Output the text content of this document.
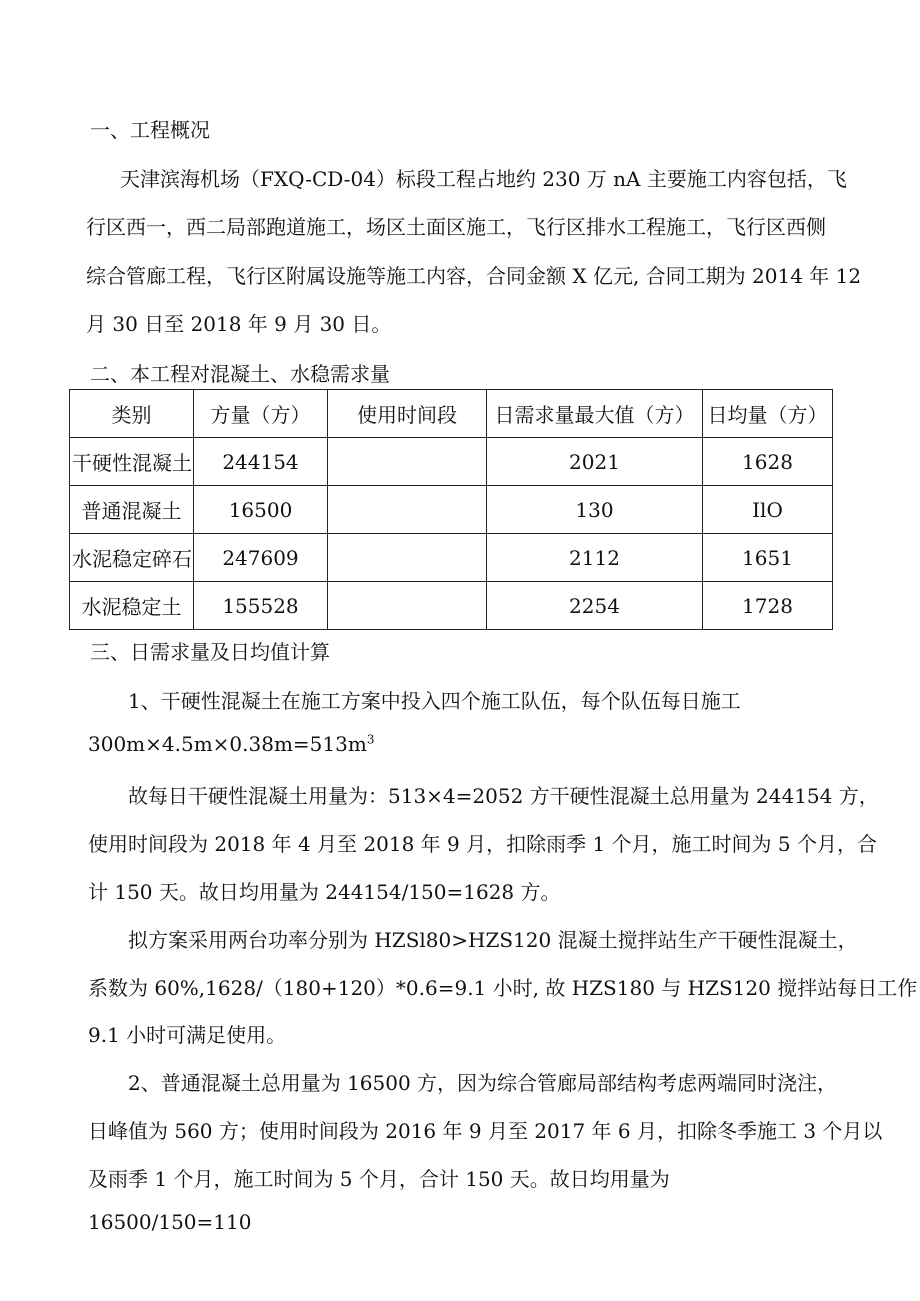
一、工程概况
天津滨海机场（FXQ-CD-04）标段工程占地约 230 万 nA 主要施工内容包括，飞
行区西一，西二局部跑道施工，场区土面区施工，飞行区排水工程施工，飞行区西侧
综合管廊工程，飞行区附属设施等施工内容，合同金额 X 亿元, 合同工期为 2014 年 12
月 30 日至 2018 年 9 月 30 日。
二、本工程对混凝土、水稳需求量
类别	方量（方）	使用时间段	日需求量最大值（方）	日均量（方）
干硬性混凝土	244154		2021	1628
普通混凝土	16500		130	IlO
水泥稳定碎石	247609		2112	1651
水泥稳定土	155528		2254	1728
三、日需求量及日均值计算
1、干硬性混凝土在施工方案中投入四个施工队伍，每个队伍每日施工
$300m\times 4.5m\times 0.38m=513m^3$
故每日干硬性混凝土用量为：513×4=2052 方干硬性混凝土总用量为 244154 方，
使用时间段为 2018 年 4 月至 2018 年 9 月，扣除雨季 1 个月，施工时间为 5 个月，合
计 150 天。故日均用量为 244154/150=1628 方。
拟方案采用两台功率分别为 HZSl80>HZS120 混凝土搅拌站生产干硬性混凝土，
系数为 60%,1628/（180+120）*0.6=9.1 小时, 故 HZS180 与 HZS120 搅拌站每日工作
9.1 小时可满足使用。
2、普通混凝土总用量为 16500 方，因为综合管廊局部结构考虑两端同时浇注，
日峰值为 560 方；使用时间段为 2016 年 9 月至 2017 年 6 月，扣除冬季施工 3 个月以
及雨季 1 个月，施工时间为 5 个月，合计 150 天。故日均用量为
16500/150=110
